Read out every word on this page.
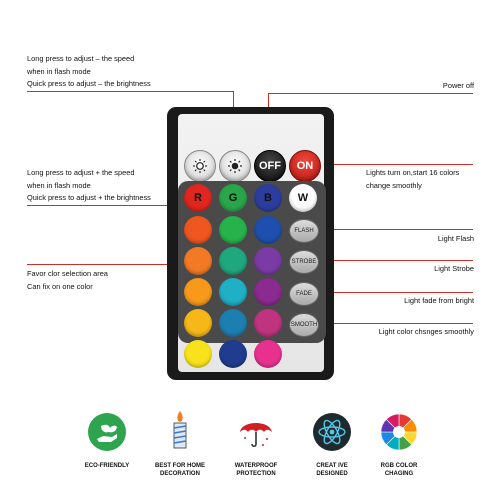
Long press to adjust – the speed
when in flash mode
Quick press to adjust – the brightness
Long press to adjust + the speed
when in flash mode
Quick press to adjust + the brightness
Favor clor selection area
Can fix on one color
Power off
Lights turn on,start 16 colors
change smoothly
Light Flash
Light Strobe
Light fade from bright
Light color chsnges smoothly
OFF	ON
R	G	B	W
FLASH
STROBE
FADE
SMOOTH
ECO-FRIENDLY	BEST FOR HOME
DECORATION
WATERPROOF
PROTECTION
CREAT IVE
DESIGNED
RGB COLOR
CHAGING
